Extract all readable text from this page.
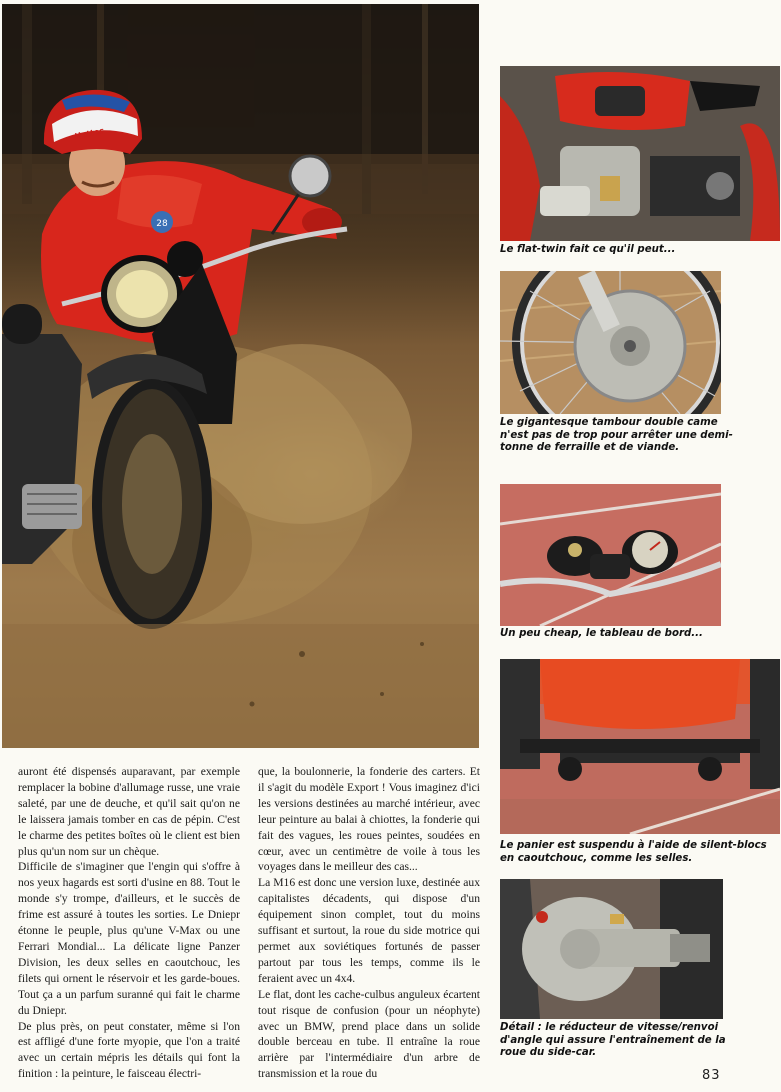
28
Hattes
Le flat-twin fait ce qu'il peut...
Le gigantesque tambour double came n'est pas de trop pour arrêter une demi-tonne de ferraille et de viande.
Un peu cheap, le tableau de bord...
Le panier est suspendu à l'aide de silent-blocs en caoutchouc, comme les selles.
Détail : le réducteur de vitesse/renvoi d'angle qui assure l'entraînement de la roue du side-car.

auront été dispensés auparavant, par exemple remplacer la bobine d'allumage russe, une vraie saleté, par une de deuche, et qu'il sait qu'on ne le laissera jamais tomber en cas de pépin. C'est le charme des petites boîtes où le client est bien plus qu'un nom sur un chèque.

Difficile de s'imaginer que l'engin qui s'offre à nos yeux hagards est sorti d'usine en 88. Tout le monde s'y trompe, d'ailleurs, et le succès de frime est assuré à toutes les sorties. Le Dniepr étonne le peuple, plus qu'une V-Max ou une Ferrari Mondial... La délicate ligne Panzer Division, les deux selles en caoutchouc, les filets qui ornent le réservoir et les garde-boues. Tout ça a un parfum suranné qui fait le charme du Dniepr.

De plus près, on peut constater, même si l'on est affligé d'une forte myopie, que l'on a traité avec un certain mépris les détails qui font la finition : la peinture, le faisceau électri-

que, la boulonnerie, la fonderie des carters. Et il s'agit du modèle Export ! Vous imaginez d'ici les versions destinées au marché intérieur, avec leur peinture au balai à chiottes, la fonderie qui fait des vagues, les roues peintes, soudées en cœur, avec un centimètre de voile à tous les voyages dans le meilleur des cas...

La M16 est donc une version luxe, destinée aux capitalistes décadents, qui dispose d'un équipement sinon complet, tout du moins suffisant et surtout, la roue du side motrice qui permet aux soviétiques fortunés de passer partout par tous les temps, comme ils le feraient avec un 4x4.

Le flat, dont les cache-culbus anguleux écartent tout risque de confusion (pour un néophyte) avec un BMW, prend place dans un solide double berceau en tube. Il entraîne la roue arrière par l'intermédiaire d'un arbre de transmission et la roue du	83
